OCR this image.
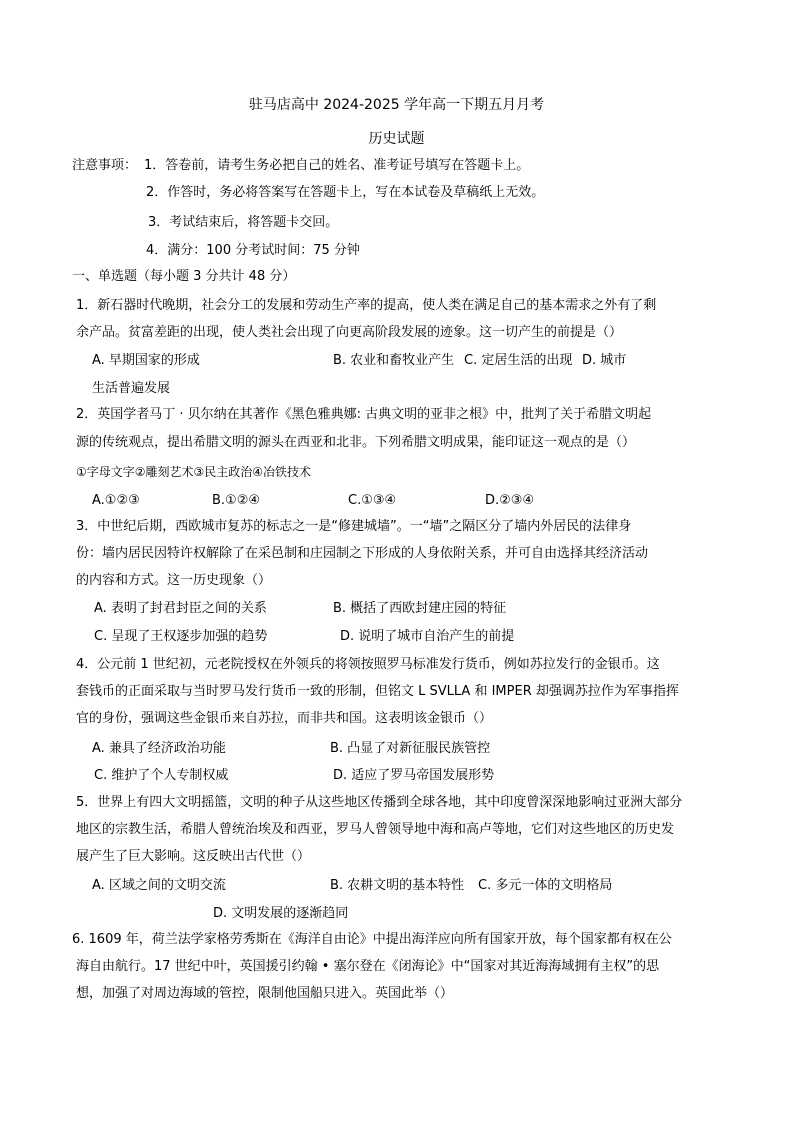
驻马店高中 2024-2025 学年高一下期五月月考
历史试题
注意事项： 1．答卷前，请考生务必把自己的姓名、准考证号填写在答题卡上。
2．作答时，务必将答案写在答题卡上，写在本试卷及草稿纸上无效。
3．考试结束后，将答题卡交回。
4．满分：100 分考试时间：75 分钟
一、单选题（每小题 3 分共计 48 分）
1．新石器时代晚期，社会分工的发展和劳动生产率的提高，使人类在满足自己的基本需求之外有了剩
余产品。贫富差距的出现，使人类社会出现了向更高阶段发展的迹象。这一切产生的前提是（）
A. 早期国家的形成	B. 农业和畜牧业产生 C. 定居生活的出现 D. 城市
生活普遍发展
2．英国学者马丁 · 贝尔纳在其著作《黑色雅典娜: 古典文明的亚非之根》中，批判了关于希腊文明起
源的传统观点，提出希腊文明的源头在西亚和北非。下列希腊文明成果，能印证这一观点的是（）
①字母文字②雕刻艺术③民主政治④冶铁技术
A.①②③	B.①②④	C.①③④	D.②③④
3．中世纪后期，西欧城市复苏的标志之一是“修建城墙”。一“墙”之隔区分了墙内外居民的法律身
份：墙内居民因特许权解除了在采邑制和庄园制之下形成的人身依附关系，并可自由选择其经济活动
的内容和方式。这一历史现象（）
A. 表明了封君封臣之间的关系	B. 概括了西欧封建庄园的特征
C. 呈现了王权逐步加强的趋势	D. 说明了城市自治产生的前提
4．公元前 1 世纪初，元老院授权在外领兵的将领按照罗马标准发行货币，例如苏拉发行的金银币。这
套钱币的正面采取与当时罗马发行货币一致的形制，但铭文 L SVLLA 和 IMPER 却强调苏拉作为军事指挥
官的身份，强调这些金银币来自苏拉，而非共和国。这表明该金银币（）
A. 兼具了经济政治功能	B. 凸显了对新征服民族管控
C. 维护了个人专制权威	D. 适应了罗马帝国发展形势
5．世界上有四大文明摇篮，文明的种子从这些地区传播到全球各地，其中印度曾深深地影响过亚洲大部分
地区的宗教生活，希腊人曾统治埃及和西亚，罗马人曾领导地中海和高卢等地，它们对这些地区的历史发
展产生了巨大影响。这反映出古代世（）
A. 区域之间的文明交流	B. 农耕文明的基本特性 C. 多元一体的文明格局
D. 文明发展的逐渐趋同
6. 1609 年，荷兰法学家格劳秀斯在《海洋自由论》中提出海洋应向所有国家开放，每个国家都有权在公
海自由航行。17 世纪中叶，英国援引约翰 • 塞尔登在《闭海论》中“国家对其近海海域拥有主权”的思
想，加强了对周边海域的管控，限制他国船只进入。英国此举（）
